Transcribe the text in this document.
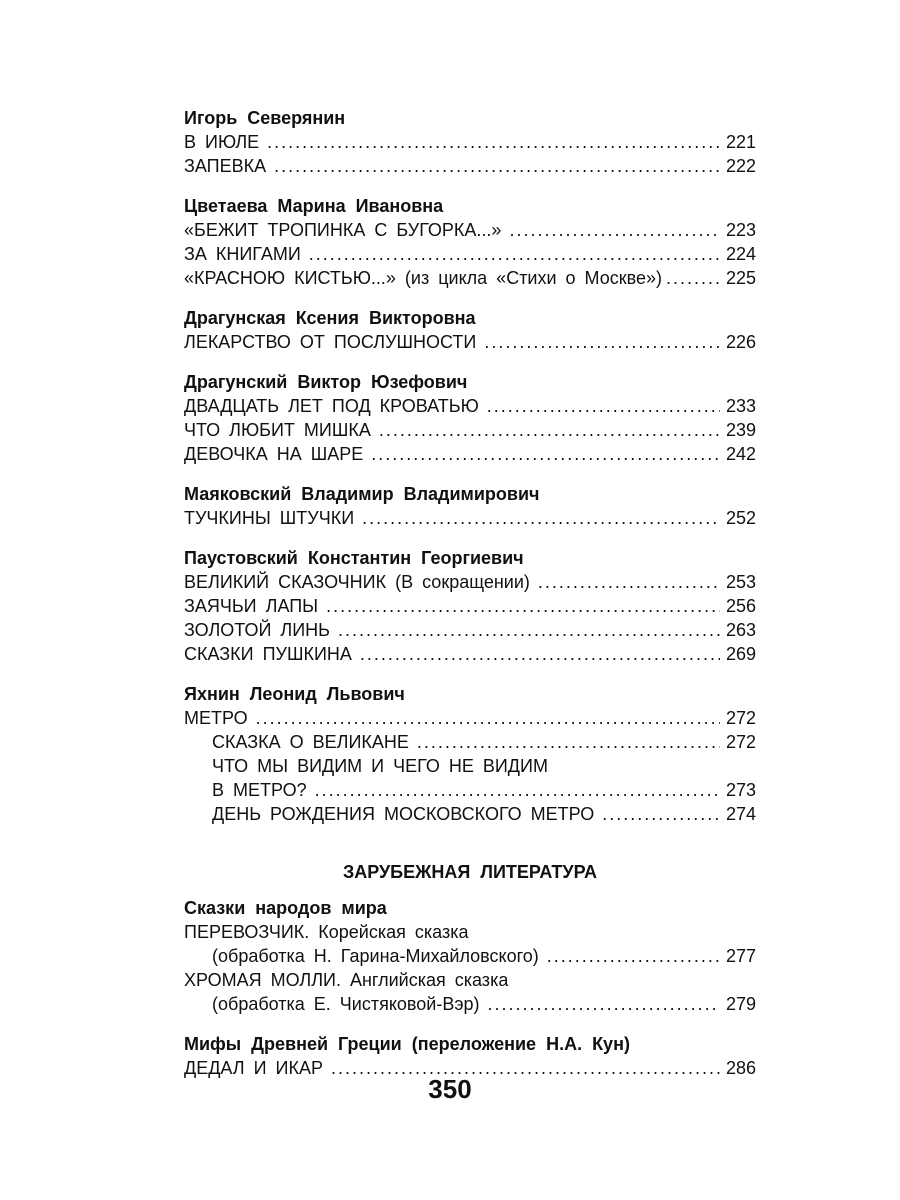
Игорь Северянин
В ИЮЛЕ .....	221
ЗАПЕВКА .....	222
Цветаева Марина Ивановна
«БЕЖИТ ТРОПИНКА С БУГОРКА...» .....	223
ЗА КНИГАМИ .....	224
«КРАСНОЮ КИСТЬЮ...» (из цикла «Стихи о Москве») .....	225
Драгунская Ксения Викторовна
ЛЕКАРСТВО ОТ ПОСЛУШНОСТИ .....	226
Драгунский Виктор Юзефович
ДВАДЦАТЬ ЛЕТ ПОД КРОВАТЬЮ .....	233
ЧТО ЛЮБИТ МИШКА .....	239
ДЕВОЧКА НА ШАРЕ .....	242
Маяковский Владимир Владимирович
ТУЧКИНЫ ШТУЧКИ .....	252
Паустовский Константин Георгиевич
ВЕЛИКИЙ СКАЗОЧНИК (В сокращении) .....	253
ЗАЯЧЬИ ЛАПЫ .....	256
ЗОЛОТОЙ ЛИНЬ .....	263
СКАЗКИ ПУШКИНА .....	269
Яхнин Леонид Львович
МЕТРО .....	272
СКАЗКА О ВЕЛИКАНЕ .....	272
ЧТО МЫ ВИДИМ И ЧЕГО НЕ ВИДИМ
В МЕТРО? .....	273
ДЕНЬ РОЖДЕНИЯ МОСКОВСКОГО МЕТРО .....	274
ЗАРУБЕЖНАЯ ЛИТЕРАТУРА
Сказки народов мира
ПЕРЕВОЗЧИК. Корейская сказка
(обработка Н. Гарина-Михайловского) .....	277
ХРОМАЯ МОЛЛИ. Английская сказка
(обработка Е. Чистяковой-Вэр) .....	279
Мифы Древней Греции (переложение Н.А. Кун)
ДЕДАЛ И ИКАР .....	286
350
